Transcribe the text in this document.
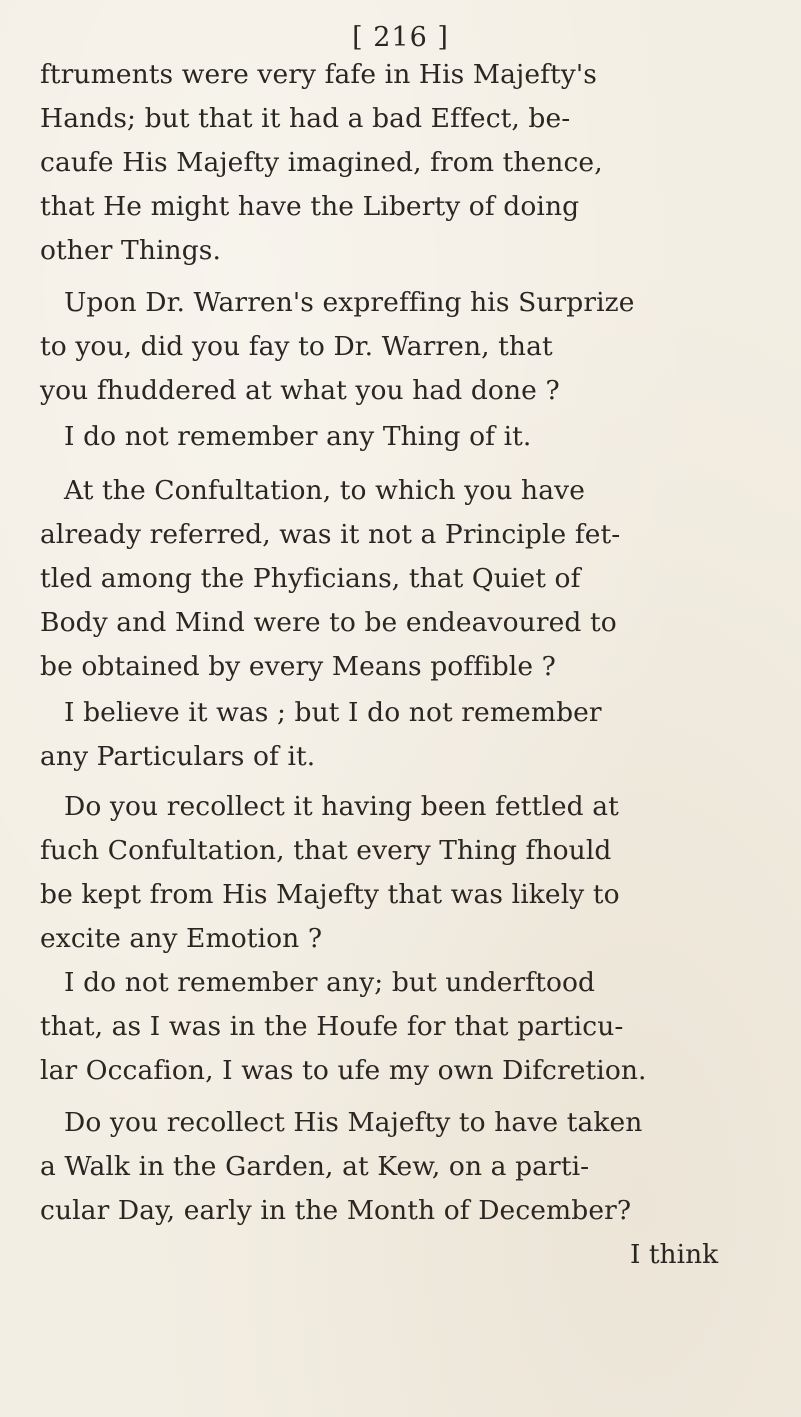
[ 216 ]
ftruments were very fafe in His Majefty's
Hands; but that it had a bad Effect, be-
caufe His Majefty imagined, from thence,
that He might have the Liberty of doing
other Things.
Upon Dr. Warren's expreffing his Surprize
to you, did you fay to Dr. Warren, that
you fhuddered at what you had done ?
I do not remember any Thing of it.
At the Confultation, to which you have
already referred, was it not a Principle fet-
tled among the Phyficians, that Quiet of
Body and Mind were to be endeavoured to
be obtained by every Means poffible ?
I believe it was ; but I do not remember
any Particulars of it.
Do you recollect it having been fettled at
fuch Confultation, that every Thing fhould
be kept from His Majefty that was likely to
excite any Emotion ?
I do not remember any; but underftood
that, as I was in the Houfe for that particu-
lar Occafion, I was to ufe my own Difcretion.
Do you recollect His Majefty to have taken
a Walk in the Garden, at Kew, on a parti-
cular Day, early in the Month of December?
I think
